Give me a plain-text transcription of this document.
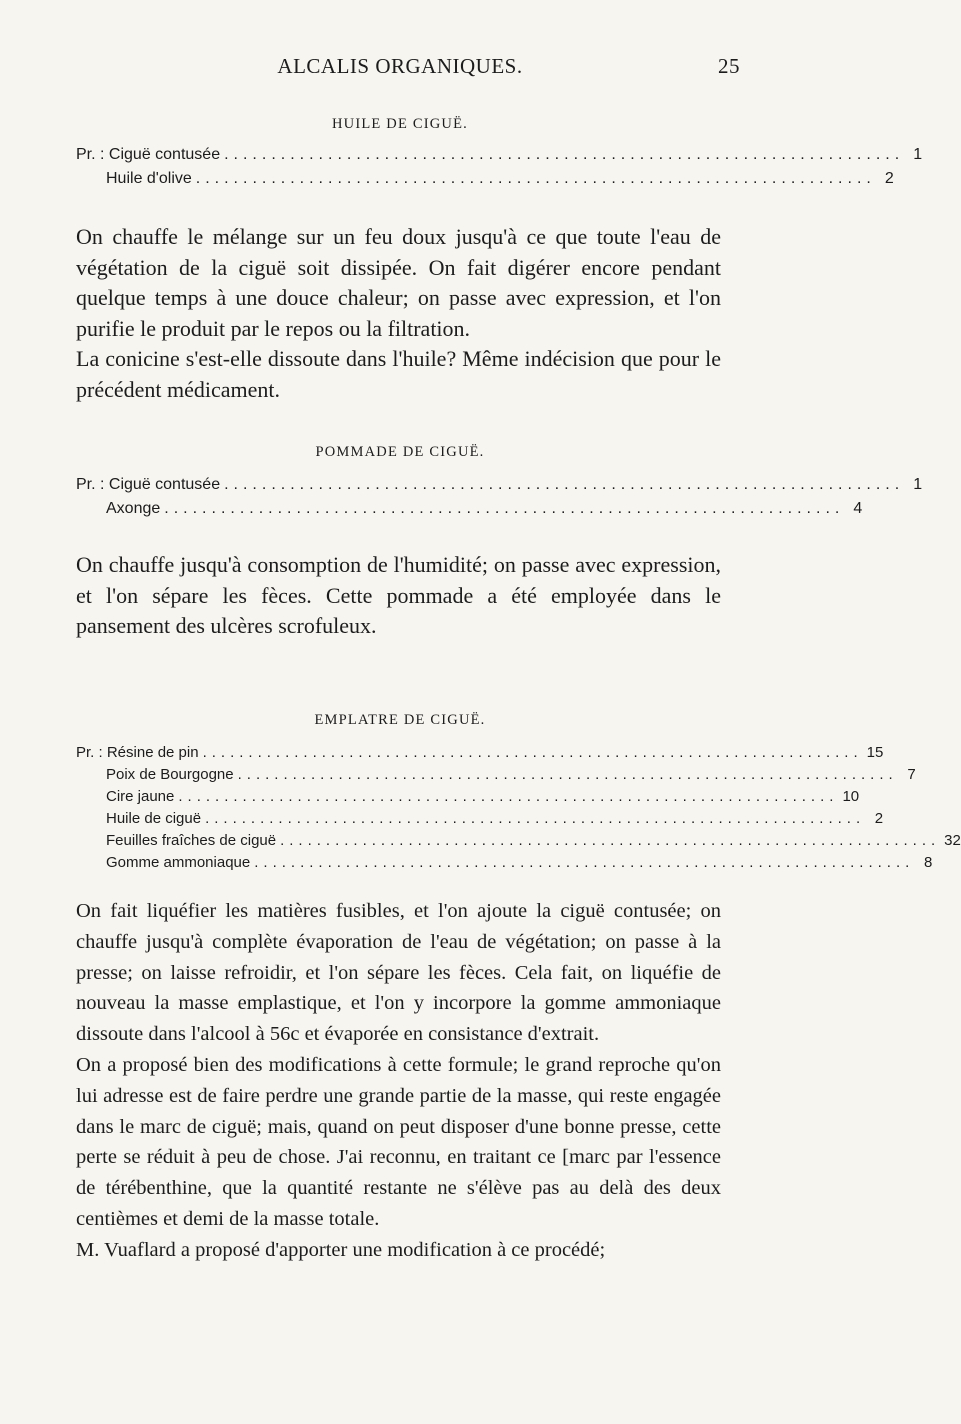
ALCALIS ORGANIQUES.	25
HUILE DE CIGUË.
Pr. : Ciguë contusée ........................................................................ 1
Huile d'olive ........................................................................ 2

On chauffe le mélange sur un feu doux jusqu'à ce que toute l'eau de végétation de la ciguë soit dissipée. On fait digérer encore pendant quelque temps à une douce chaleur; on passe avec expression, et l'on purifie le produit par le repos ou la filtration.

La conicine s'est-elle dissoute dans l'huile? Même indécision que pour le précédent médicament.

POMMADE DE CIGUË.
Pr. : Ciguë contusée ........................................................................ 1
Axonge ........................................................................ 4

On chauffe jusqu'à consomption de l'humidité; on passe avec expression, et l'on sépare les fèces. Cette pommade a été employée dans le pansement des ulcères scrofuleux.

EMPLATRE DE CIGUË.
Pr. : Résine de pin ........................................................................ 15
Poix de Bourgogne ........................................................................ 7
Cire jaune ........................................................................ 10
Huile de ciguë ........................................................................ 2
Feuilles fraîches de ciguë ........................................................................ 32
Gomme ammoniaque ........................................................................ 8

On fait liquéfier les matières fusibles, et l'on ajoute la ciguë contusée; on chauffe jusqu'à complète évaporation de l'eau de végétation; on passe à la presse; on laisse refroidir, et l'on sépare les fèces. Cela fait, on liquéfie de nouveau la masse emplastique, et l'on y incorpore la gomme ammoniaque dissoute dans l'alcool à 56c et évaporée en consistance d'extrait.

On a proposé bien des modifications à cette formule; le grand reproche qu'on lui adresse est de faire perdre une grande partie de la masse, qui reste engagée dans le marc de ciguë; mais, quand on peut disposer d'une bonne presse, cette perte se réduit à peu de chose. J'ai reconnu, en traitant ce [marc par l'essence de térébenthine, que la quantité restante ne s'élève pas au delà des deux centièmes et demi de la masse totale.

M. Vuaflard a proposé d'apporter une modification à ce procédé;
